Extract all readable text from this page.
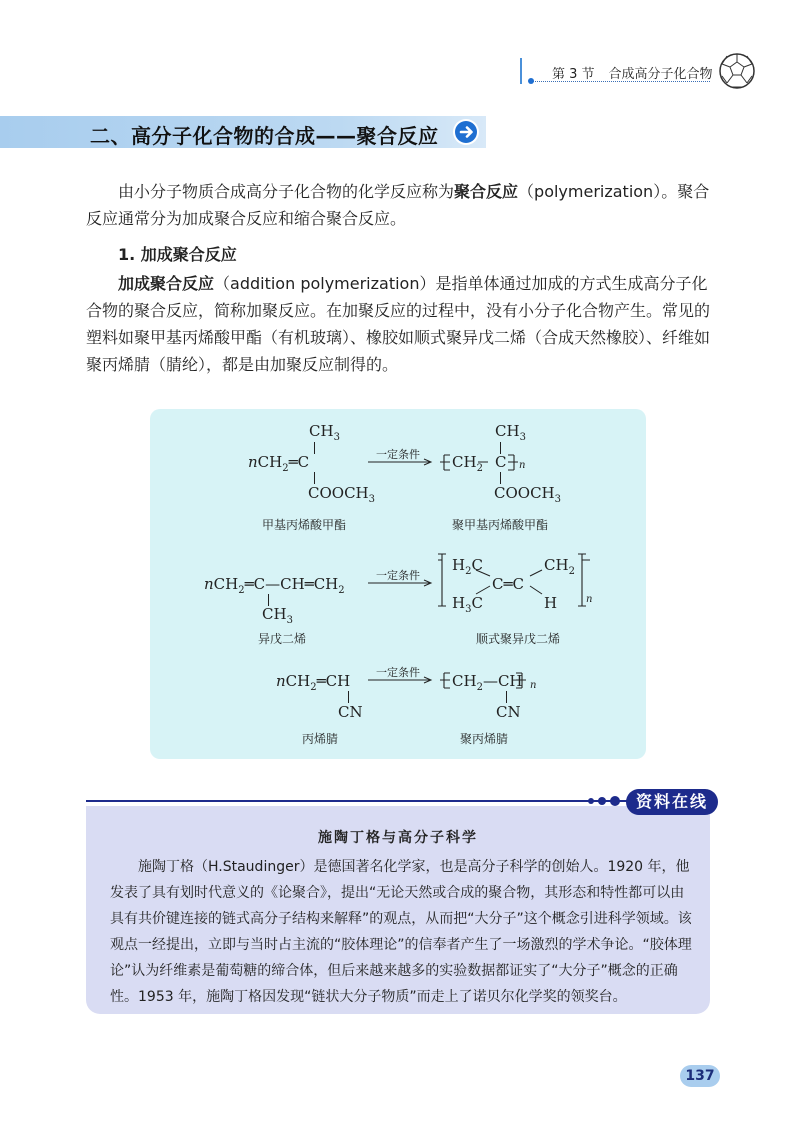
第 3 节 合成高分子化合物
二、高分子化合物的合成——聚合反应
由小分子物质合成高分子化合物的化学反应称为聚合反应（polymerization）。聚合反应通常分为加成聚合反应和缩合聚合反应。
1. 加成聚合反应
加成聚合反应（addition polymerization）是指单体通过加成的方式生成高分子化合物的聚合反应，简称加聚反应。在加聚反应的过程中，没有小分子化合物产生。常见的塑料如聚甲基丙烯酸甲酯（有机玻璃）、橡胶如顺式聚异戊二烯（合成天然橡胶）、纤维如聚丙烯腈（腈纶），都是由加聚反应制得的。
$CH_3$
nCH$_2$═C
$COOCH_3$
一定条件
$CH_3$
$CH_2$ C n
$COOCH_3$
甲基丙烯酸甲酯	聚甲基丙烯酸甲酯
$nCH_2═C—CH═CH_2$
$CH_3$
异戊二烯
一定条件
$H_2C$	$CH_2$
C═C
$H_3C$	H	n
顺式聚异戊二烯
nCH$_2$═CH
CN
丙烯腈
一定条件 $CH_2—CH$ n
CN
聚丙烯腈
资料在线
施陶丁格与高分子科学
施陶丁格（H.Staudinger）是德国著名化学家，也是高分子科学的创始人。1920 年，他发表了具有划时代意义的《论聚合》，提出“无论天然或合成的聚合物，其形态和特性都可以由具有共价键连接的链式高分子结构来解释”的观点，从而把“大分子”这个概念引进科学领域。该观点一经提出，立即与当时占主流的“胶体理论”的信奉者产生了一场激烈的学术争论。“胶体理论”认为纤维素是葡萄糖的缔合体，但后来越来越多的实验数据都证实了“大分子”概念的正确性。1953 年，施陶丁格因发现“链状大分子物质”而走上了诺贝尔化学奖的领奖台。
137
